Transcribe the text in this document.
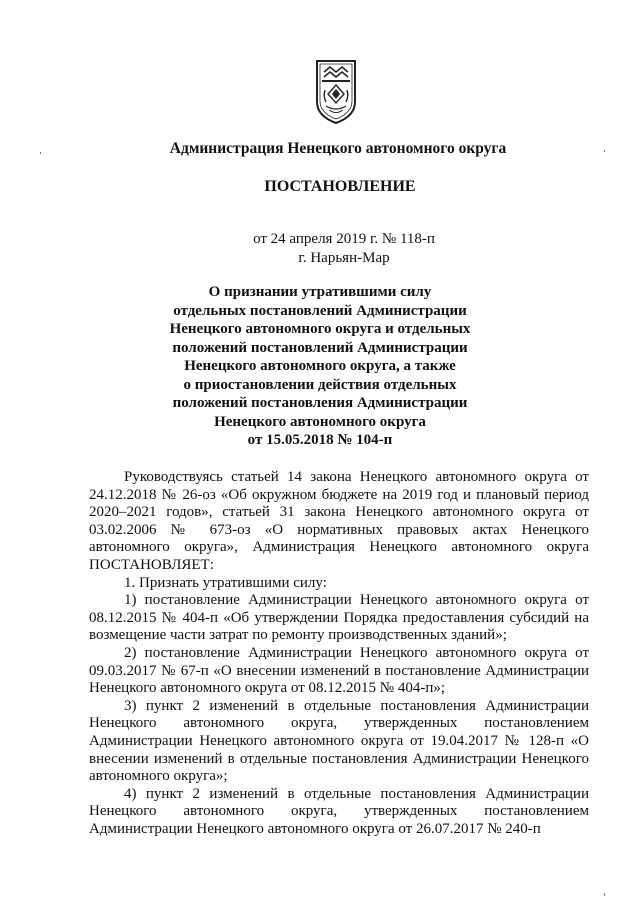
Администрация Ненецкого автономного округа
ПОСТАНОВЛЕНИЕ
от 24 апреля 2019 г. № 118-п
г. Нарьян-Мар
О признании утратившими силу
отдельных постановлений Администрации
Ненецкого автономного округа и отдельных
положений постановлений Администрации
Ненецкого автономного округа, а также
о приостановлении действия отдельных
положений постановления Администрации
Ненецкого автономного округа
от 15.05.2018 № 104-п

Руководствуясь статьей 14 закона Ненецкого автономного округа от 24.12.2018 № 26-оз «Об окружном бюджете на 2019 год и плановый период 2020–2021 годов», статьей 31 закона Ненецкого автономного округа от 03.02.2006 № 673-оз «О нормативных правовых актах Ненецкого автономного округа», Администрация Ненецкого автономного округа ПОСТАНОВЛЯЕТ:

1. Признать утратившими силу:

1) постановление Администрации Ненецкого автономного округа от 08.12.2015 № 404-п «Об утверждении Порядка предоставления субсидий на возмещение части затрат по ремонту производственных зданий»;

2) постановление Администрации Ненецкого автономного округа от 09.03.2017 № 67-п «О внесении изменений в постановление Администрации Ненецкого автономного округа от 08.12.2015 № 404-п»;

3) пункт 2 изменений в отдельные постановления Администрации Ненецкого автономного округа, утвержденных постановлением Администрации Ненецкого автономного округа от 19.04.2017 № 128-п «О внесении изменений в отдельные постановления Администрации Ненецкого автономного округа»;

4) пункт 2 изменений в отдельные постановления Администрации Ненецкого автономного округа, утвержденных постановлением Администрации Ненецкого автономного округа от 26.07.2017 № 240-п
